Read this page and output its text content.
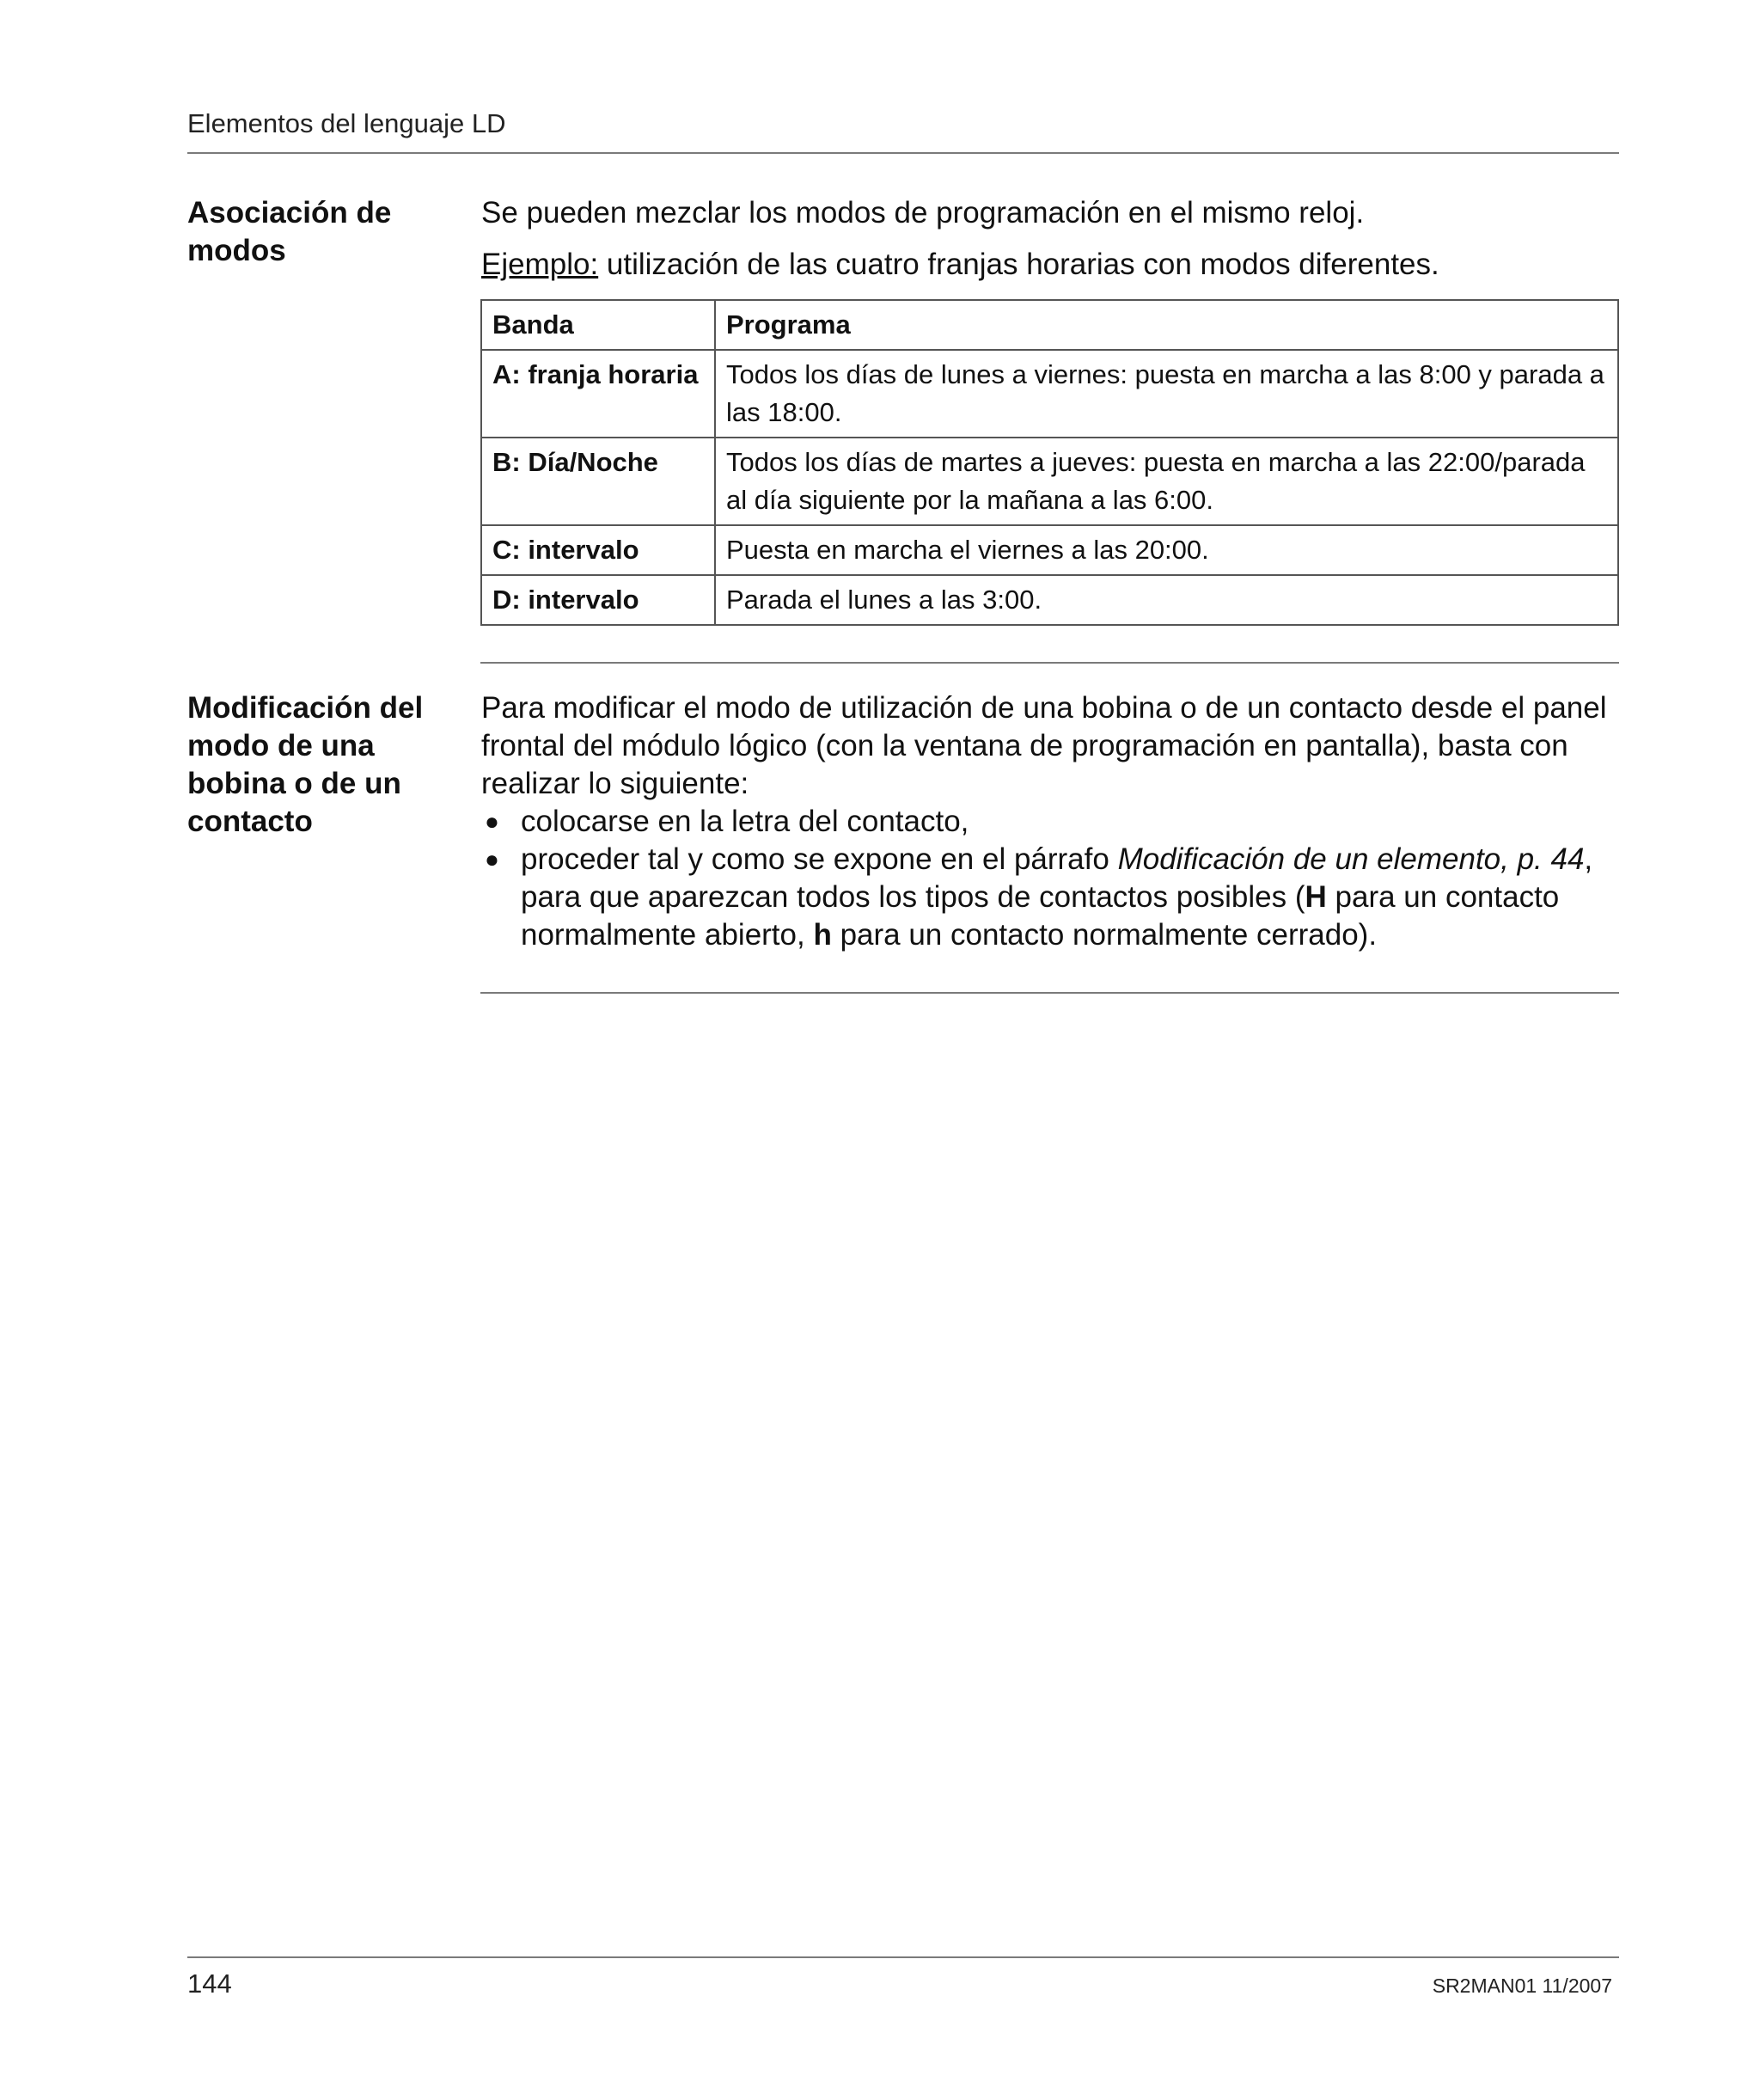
Elementos del lenguaje LD
Asociación de
modos

Se pueden mezclar los modos de programación en el mismo reloj.

Ejemplo: utilización de las cuatro franjas horarias con modos diferentes.

Banda	Programa
A: franja horaria	Todos los días de lunes a viernes: puesta en marcha a las 8:00 y parada a las 18:00.
B: Día/Noche	Todos los días de martes a jueves: puesta en marcha a las 22:00/parada al día siguiente por la mañana a las 6:00.
C: intervalo	Puesta en marcha el viernes a las 20:00.
D: intervalo	Parada el lunes a las 3:00.
Modificación del
modo de una
bobina o de un
contacto

Para modificar el modo de utilización de una bobina o de un contacto desde el panel frontal del módulo lógico (con la ventana de programación en pantalla), basta con realizar lo siguiente:

● colocarse en la letra del contacto,
● proceder tal y como se expone en el párrafo Modificación de un elemento, p. 44, para que aparezcan todos los tipos de contactos posibles (H para un contacto normalmente abierto, h para un contacto normalmente cerrado).
144	SR2MAN01 11/2007
